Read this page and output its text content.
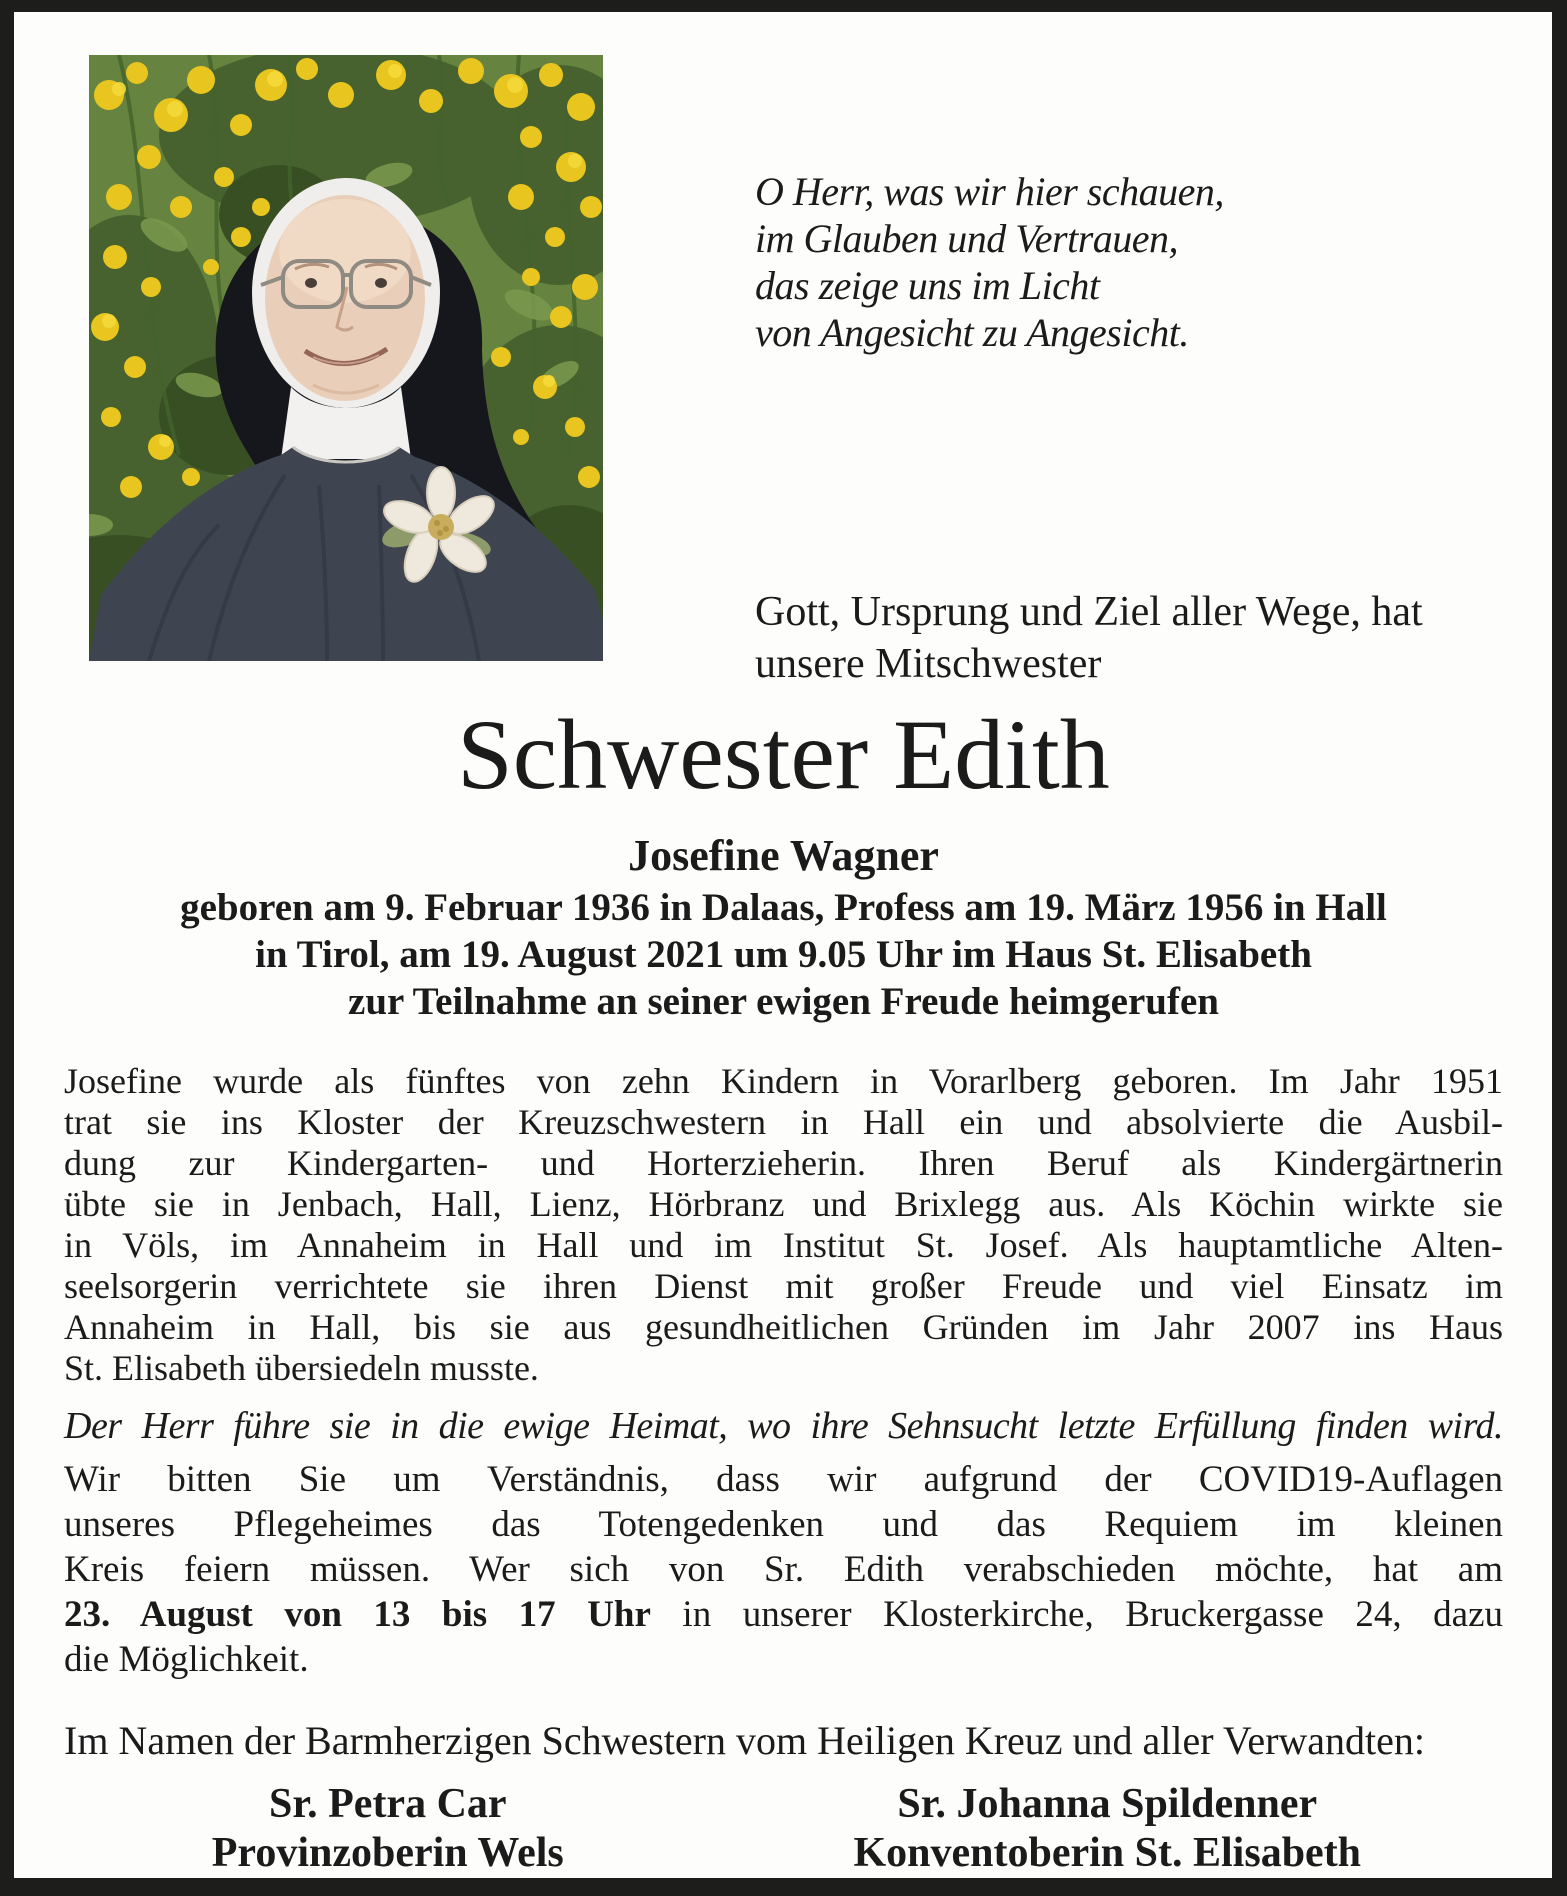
O Herr, was wir hier schauen,
im Glauben und Vertrauen,
das zeige uns im Licht
von Angesicht zu Angesicht.
Gott, Ursprung und Ziel aller Wege, hat
unsere Mitschwester
Schwester Edith
Josefine Wagner
geboren am 9. Februar 1936 in Dalaas, Profess am 19. März 1956 in Hall
in Tirol, am 19. August 2021 um 9.05 Uhr im Haus St. Elisabeth
zur Teilnahme an seiner ewigen Freude heimgerufen
Josefine wurde als fünftes von zehn Kindern in Vorarlberg geboren. Im Jahr 1951
trat sie ins Kloster der Kreuzschwestern in Hall ein und absolvierte die Ausbil-
dung zur Kindergarten- und Horterzieherin. Ihren Beruf als Kindergärtnerin
übte sie in Jenbach, Hall, Lienz, Hörbranz und Brixlegg aus. Als Köchin wirkte sie
in Völs, im Annaheim in Hall und im Institut St. Josef. Als hauptamtliche Alten-
seelsorgerin verrichtete sie ihren Dienst mit großer Freude und viel Einsatz im
Annaheim in Hall, bis sie aus gesundheitlichen Gründen im Jahr 2007 ins Haus
St. Elisabeth übersiedeln musste.
Der Herr führe sie in die ewige Heimat, wo ihre Sehnsucht letzte Erfüllung finden wird.
Wir bitten Sie um Verständnis, dass wir aufgrund der COVID19-Auflagen
unseres Pflegeheimes das Totengedenken und das Requiem im kleinen
Kreis feiern müssen. Wer sich von Sr. Edith verabschieden möchte, hat am
23. August von 13 bis 17 Uhr in unserer Klosterkirche, Bruckergasse 24, dazu
die Möglichkeit.
Im Namen der Barmherzigen Schwestern vom Heiligen Kreuz und aller Verwandten:
Sr. Petra Car
Provinzoberin Wels
Sr. Johanna Spildenner
Konventoberin St. Elisabeth
